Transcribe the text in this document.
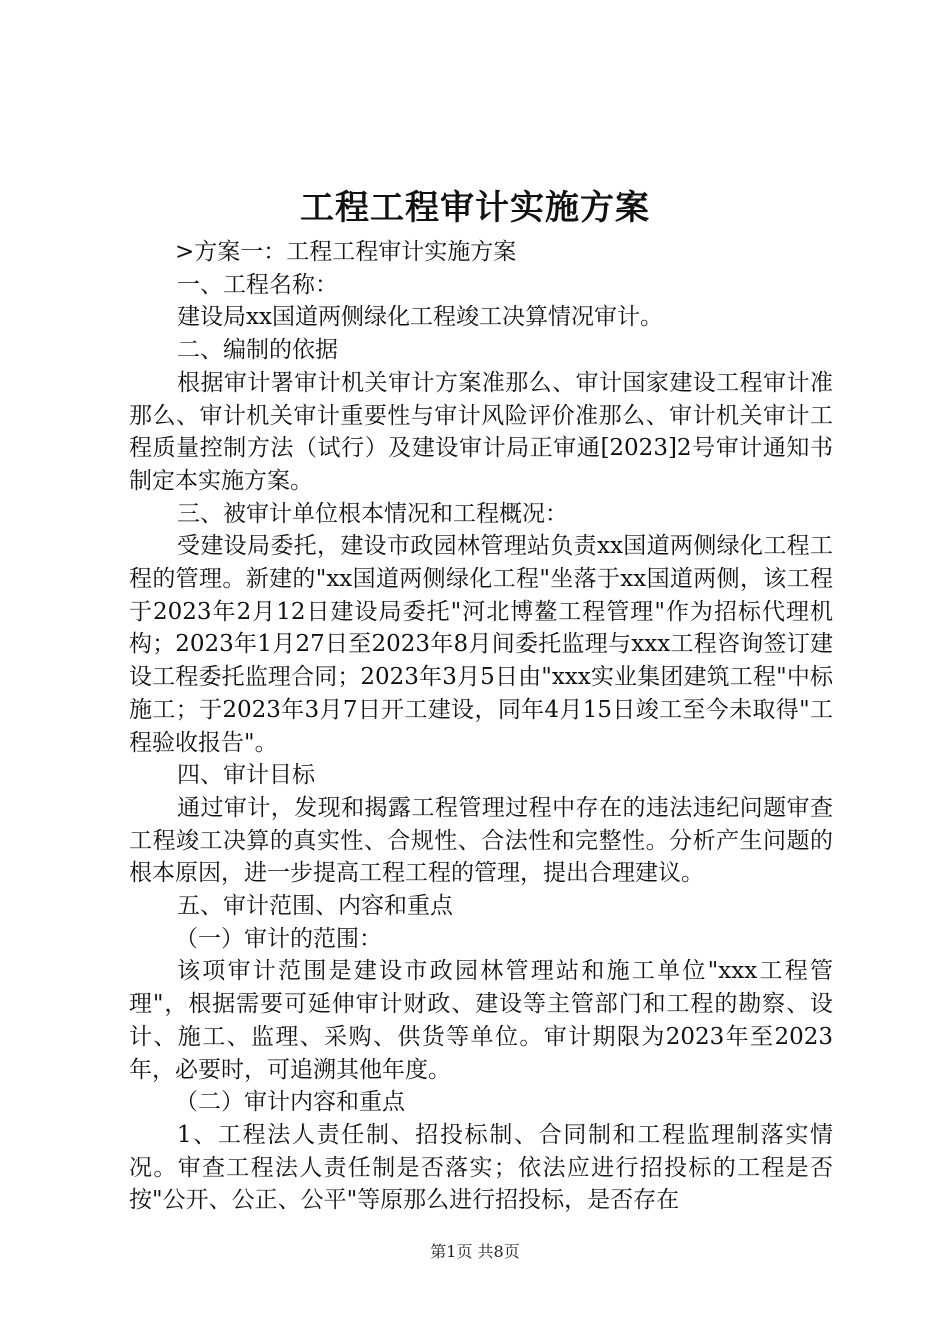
工程工程审计实施方案

>方案一：工程工程审计实施方案

一、工程名称：

建设局xx国道两侧绿化工程竣工决算情况审计。

二、编制的依据

根据审计署审计机关审计方案准那么、审计国家建设工程审计准那么、审计机关审计重要性与审计风险评价准那么、审计机关审计工程质量控制方法（试行）及建设审计局正审通[2023]2号审计通知书制定本实施方案。

三、被审计单位根本情况和工程概况：

受建设局委托，建设市政园林管理站负责xx国道两侧绿化工程工程的管理。新建的"xx国道两侧绿化工程"坐落于xx国道两侧，该工程于2023年2月12日建设局委托"河北博鳌工程管理"作为招标代理机构；2023年1月27日至2023年8月间委托监理与xxx工程咨询签订建设工程委托监理合同；2023年3月5日由"xxx实业集团建筑工程"中标施工；于2023年3月7日开工建设，同年4月15日竣工至今未取得"工程验收报告"。

四、审计目标

通过审计，发现和揭露工程管理过程中存在的违法违纪问题审查工程竣工决算的真实性、合规性、合法性和完整性。分析产生问题的根本原因，进一步提高工程工程的管理，提出合理建议。

五、审计范围、内容和重点

（一）审计的范围：

该项审计范围是建设市政园林管理站和施工单位"xxx工程管理"，根据需要可延伸审计财政、建设等主管部门和工程的勘察、设计、施工、监理、采购、供货等单位。审计期限为2023年至2023年，必要时，可追溯其他年度。

（二）审计内容和重点

1、工程法人责任制、招投标制、合同制和工程监理制落实情况。审查工程法人责任制是否落实；依法应进行招投标的工程是否按"公开、公正、公平"等原那么进行招投标，是否存在

第1页 共8页
